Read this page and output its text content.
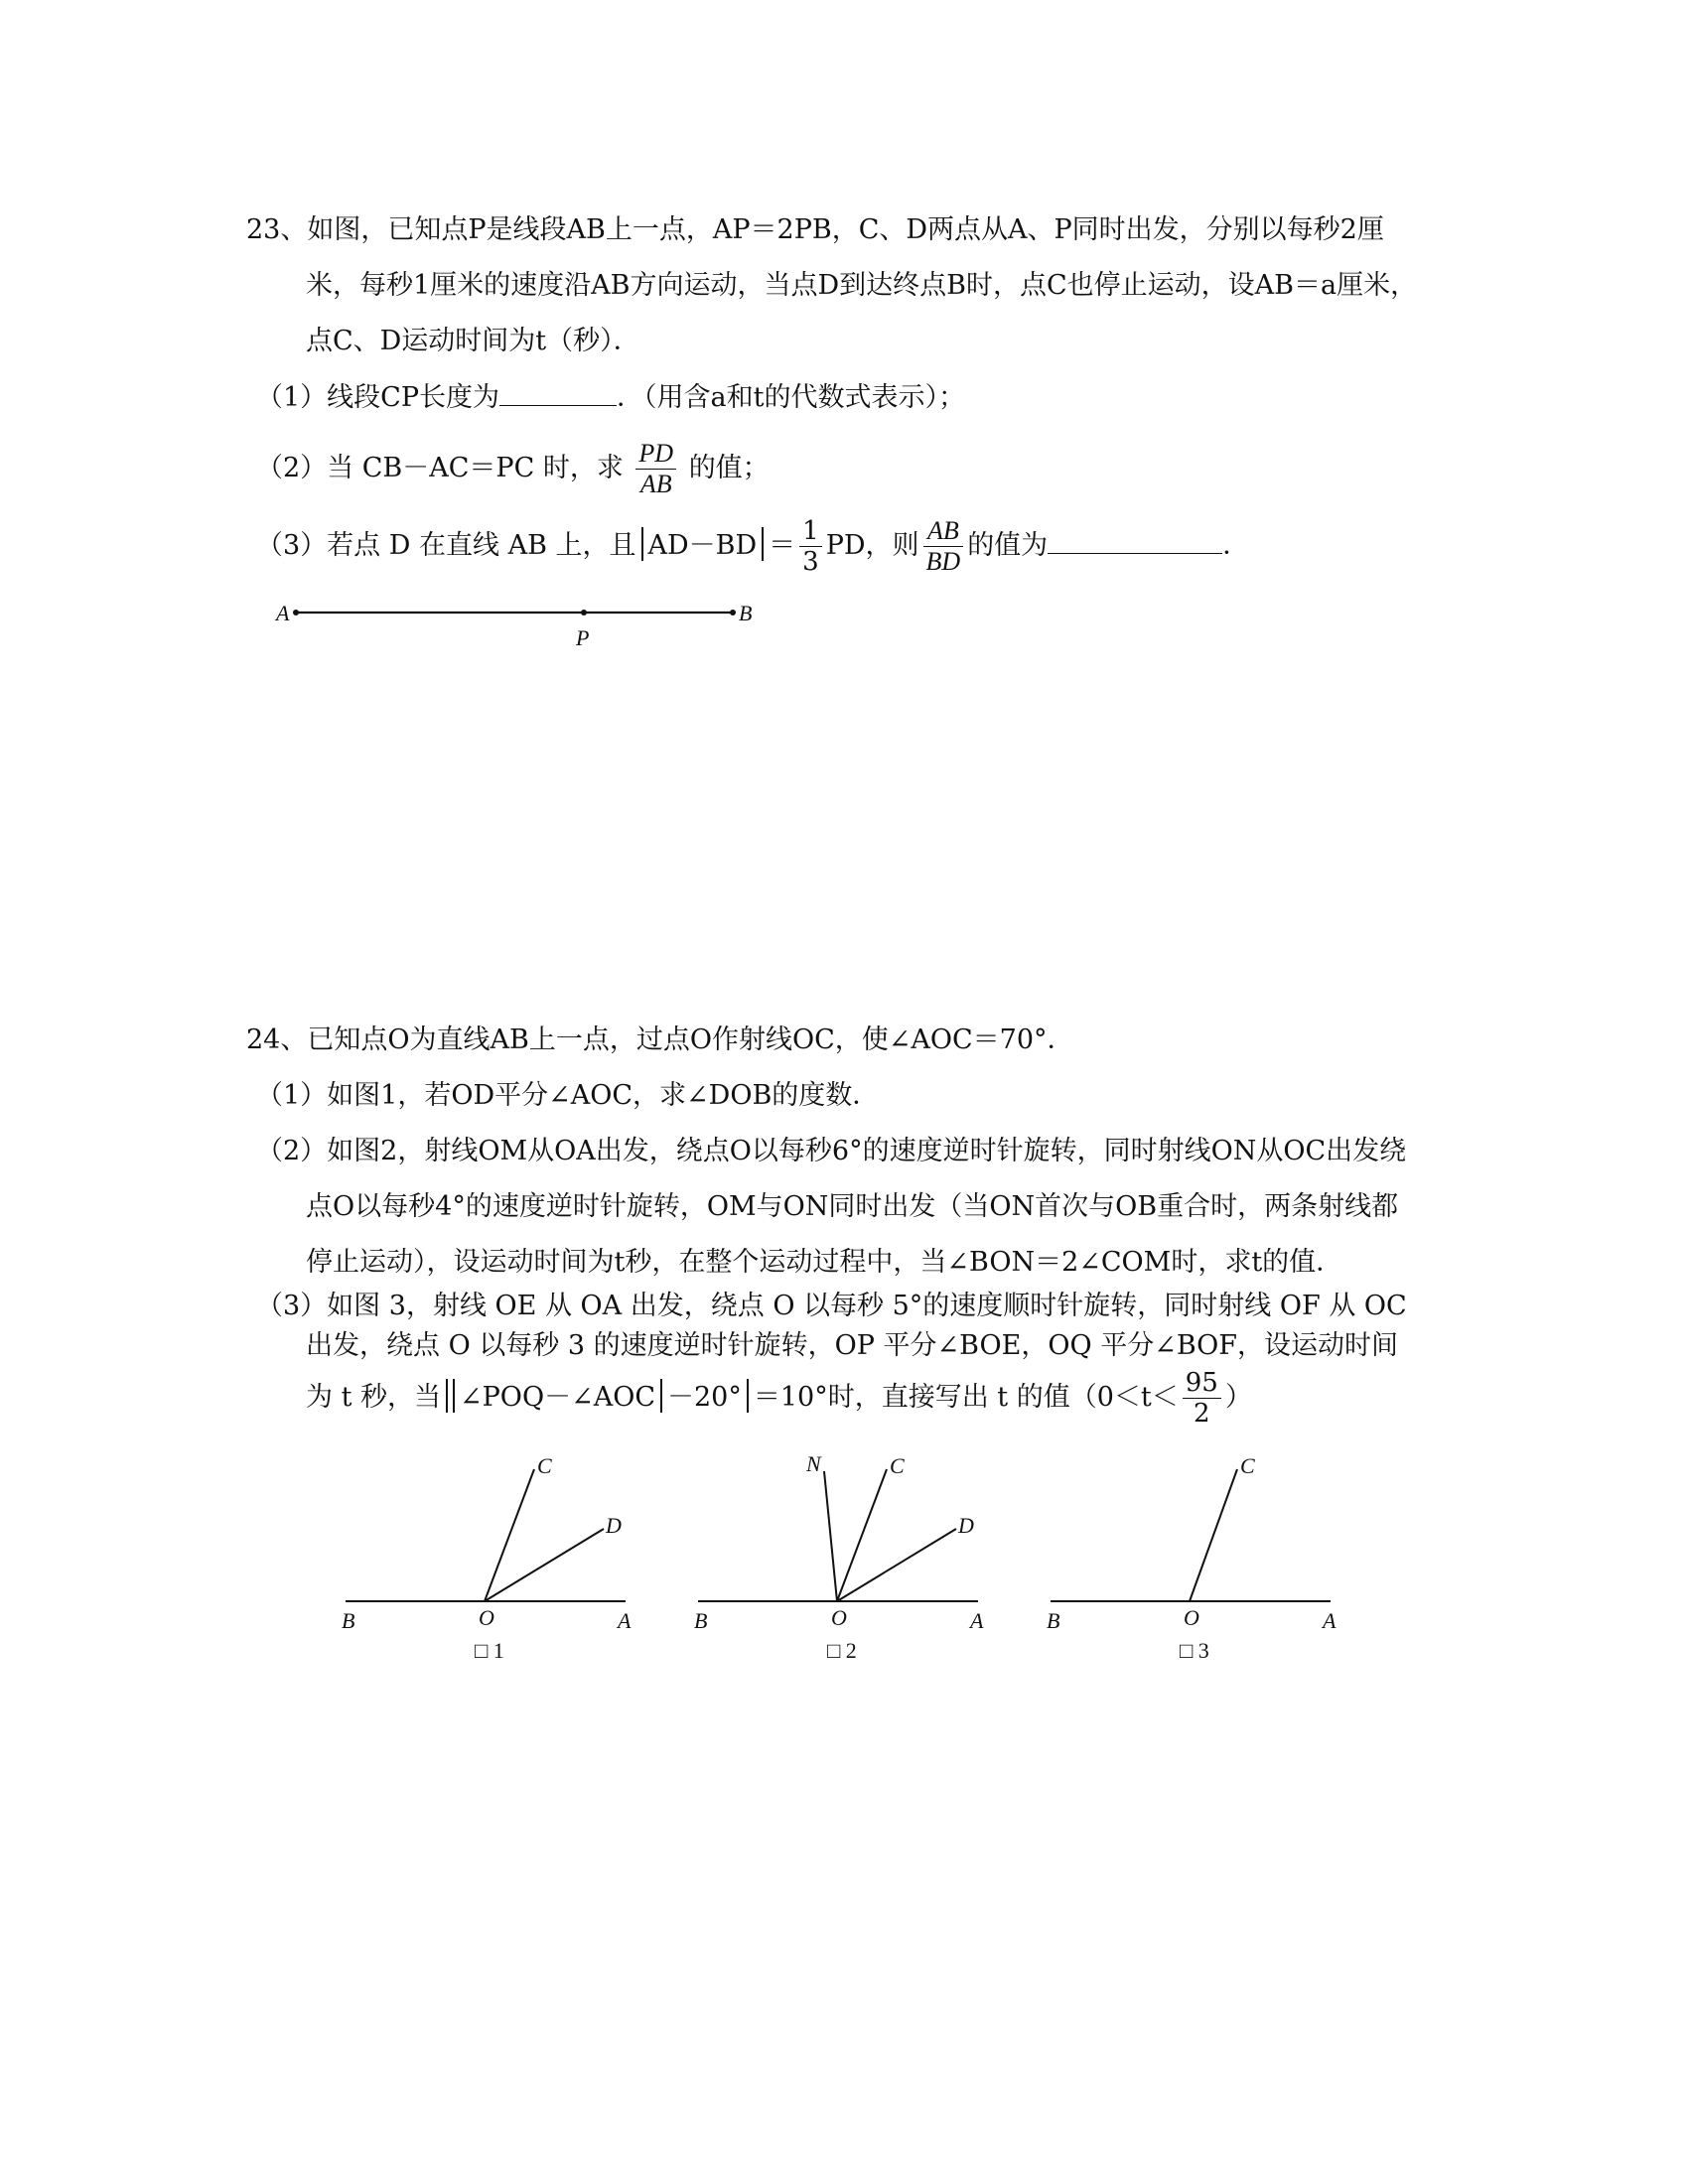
23、如图，已知点P是线段AB上一点，AP＝2PB，C、D两点从A、P同时出发，分别以每秒2厘
米，每秒1厘米的速度沿AB方向运动，当点D到达终点B时，点C也停止运动，设AB＝a厘米，
点C、D运动时间为t（秒）．
（1）线段CP长度为	．（用含a和t的代数式表示）；
（2）当 CB－AC＝PC 时，求 $\frac{PD}{AB}$ 的值；
（3）若点 D 在直线 AB 上，且 $AD-BD = \frac{1}{3}$ PD，则 $\frac{AB}{BD}$ 的值为	．
A
P
B
24、已知点O为直线AB上一点，过点O作射线OC，使∠AOC＝70°．
（1）如图1，若OD平分∠AOC，求∠DOB的度数．
（2）如图2，射线OM从OA出发，绕点O以每秒6°的速度逆时针旋转，同时射线ON从OC出发绕
点O以每秒4°的速度逆时针旋转，OM与ON同时出发（当ON首次与OB重合时，两条射线都
停止运动），设运动时间为t秒，在整个运动过程中，当∠BON＝2∠COM时，求t的值．
（3）如图 3，射线 OE 从 OA 出发，绕点 O 以每秒 5°的速度顺时针旋转，同时射线 OF 从 OC
出发，绕点 O 以每秒 3 的速度逆时针旋转，OP 平分∠BOE，OQ 平分∠BOF，设运动时间
为 t 秒，当 ∠POQ－∠AOC －20° ＝10°时，直接写出 t 的值（$0<t< \frac{95}{2}$ ）
C
D
B	O	A
□ 1
N	C
D
B	O	A
□ 2
C
B	O	A
□ 3
